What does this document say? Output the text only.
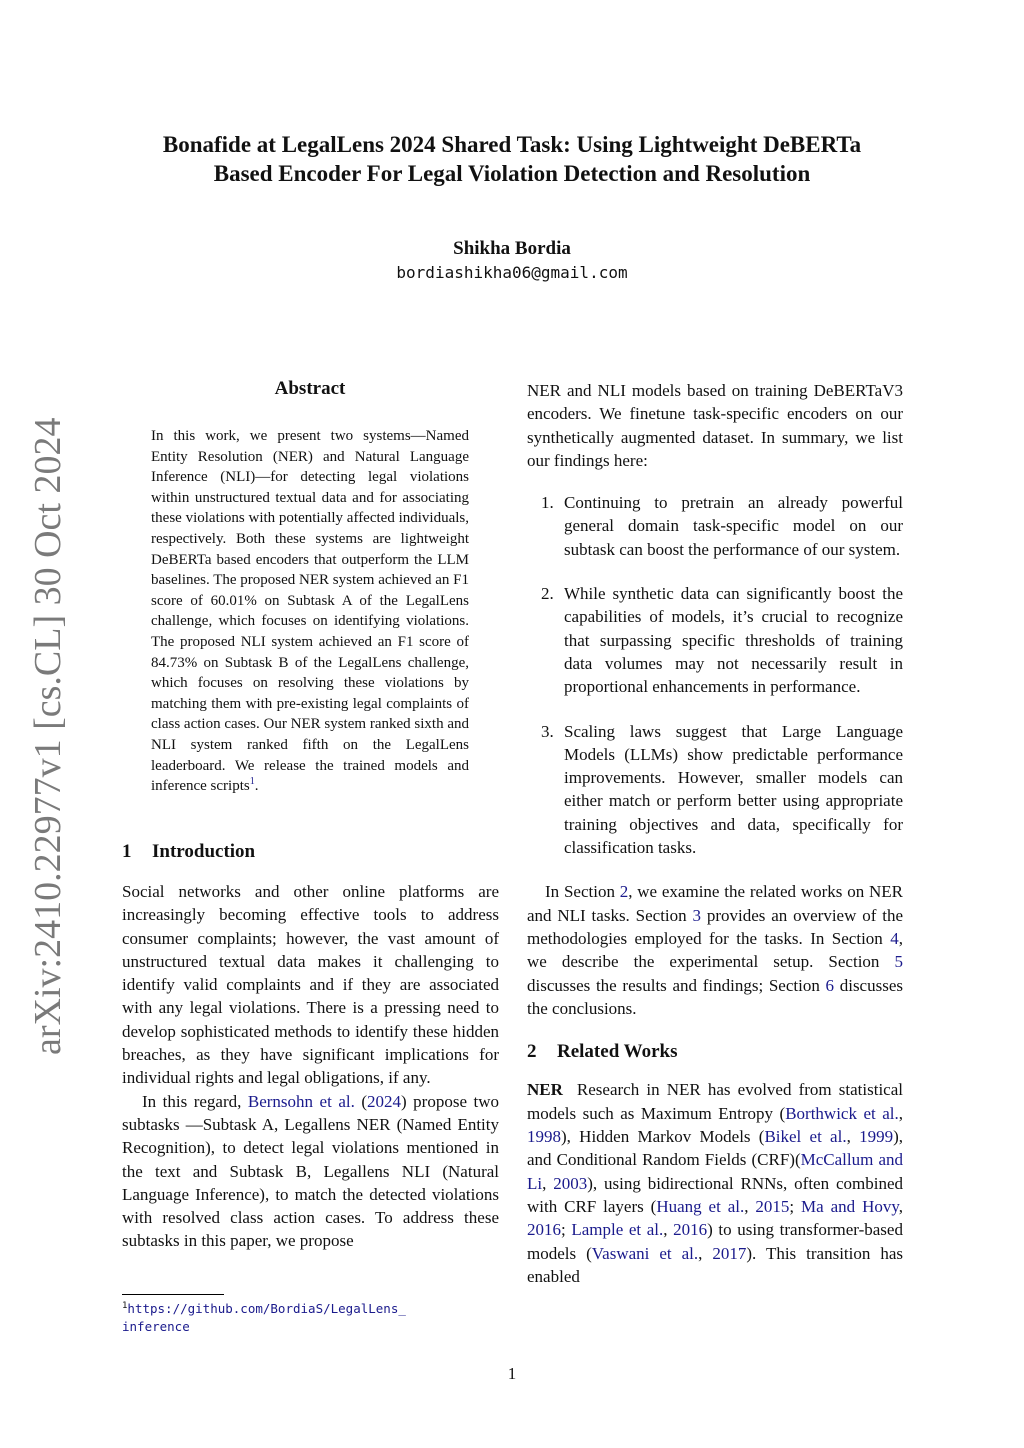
Bonafide at LegalLens 2024 Shared Task: Using Lightweight DeBERTa
Based Encoder For Legal Violation Detection and Resolution
Shikha Bordia
bordiashikha06@gmail.com
arXiv:2410.22977v1 [cs.CL] 30 Oct 2024
Abstract
In this work, we present two systems—Named Entity Resolution (NER) and Natural Language Inference (NLI)—for detecting legal violations within unstructured textual data and for associating these violations with potentially affected individuals, respectively. Both these systems are lightweight DeBERTa based encoders that outperform the LLM baselines. The proposed NER system achieved an F1 score of 60.01% on Subtask A of the LegalLens challenge, which focuses on identifying violations. The proposed NLI system achieved an F1 score of 84.73% on Subtask B of the LegalLens challenge, which focuses on resolving these violations by matching them with pre-existing legal complaints of class action cases. Our NER system ranked sixth and NLI system ranked fifth on the LegalLens leaderboard. We release the trained models and inference scripts$^1$.
1 Introduction

Social networks and other online platforms are increasingly becoming effective tools to address consumer complaints; however, the vast amount of unstructured textual data makes it challenging to identify valid complaints and if they are associated with any legal violations. There is a pressing need to develop sophisticated methods to identify these hidden breaches, as they have significant implications for individual rights and legal obligations, if any.

In this regard, Bernsohn et al. (2024) propose two subtasks —Subtask A, Legallens NER (Named Entity Recognition), to detect legal violations mentioned in the text and Subtask B, Legallens NLI (Natural Language Inference), to match the detected violations with resolved class action cases. To address these subtasks in this paper, we propose

$^1$https://github.com/BordiaS/LegalLens_
inference

NER and NLI models based on training DeBERTaV3 encoders. We finetune task-specific encoders on our synthetically augmented dataset. In summary, we list our findings here:

1. Continuing to pretrain an already powerful general domain task-specific model on our subtask can boost the performance of our system.
2. While synthetic data can significantly boost the capabilities of models, it’s crucial to recognize that surpassing specific thresholds of training data volumes may not necessarily result in proportional enhancements in performance.
3. Scaling laws suggest that Large Language Models (LLMs) show predictable performance improvements. However, smaller models can either match or perform better using appropriate training objectives and data, specifically for classification tasks.

In Section 2, we examine the related works on NER and NLI tasks. Section 3 provides an overview of the methodologies employed for the tasks. In Section 4, we describe the experimental setup. Section 5 discusses the results and findings; Section 6 discusses the conclusions.

2 Related Works

NER Research in NER has evolved from statistical models such as Maximum Entropy (Borthwick et al., 1998), Hidden Markov Models (Bikel et al., 1999), and Conditional Random Fields (CRF)(McCallum and Li, 2003), using bidirectional RNNs, often combined with CRF layers (Huang et al., 2015; Ma and Hovy, 2016; Lample et al., 2016) to using transformer-based models (Vaswani et al., 2017). This transition has enabled

1
